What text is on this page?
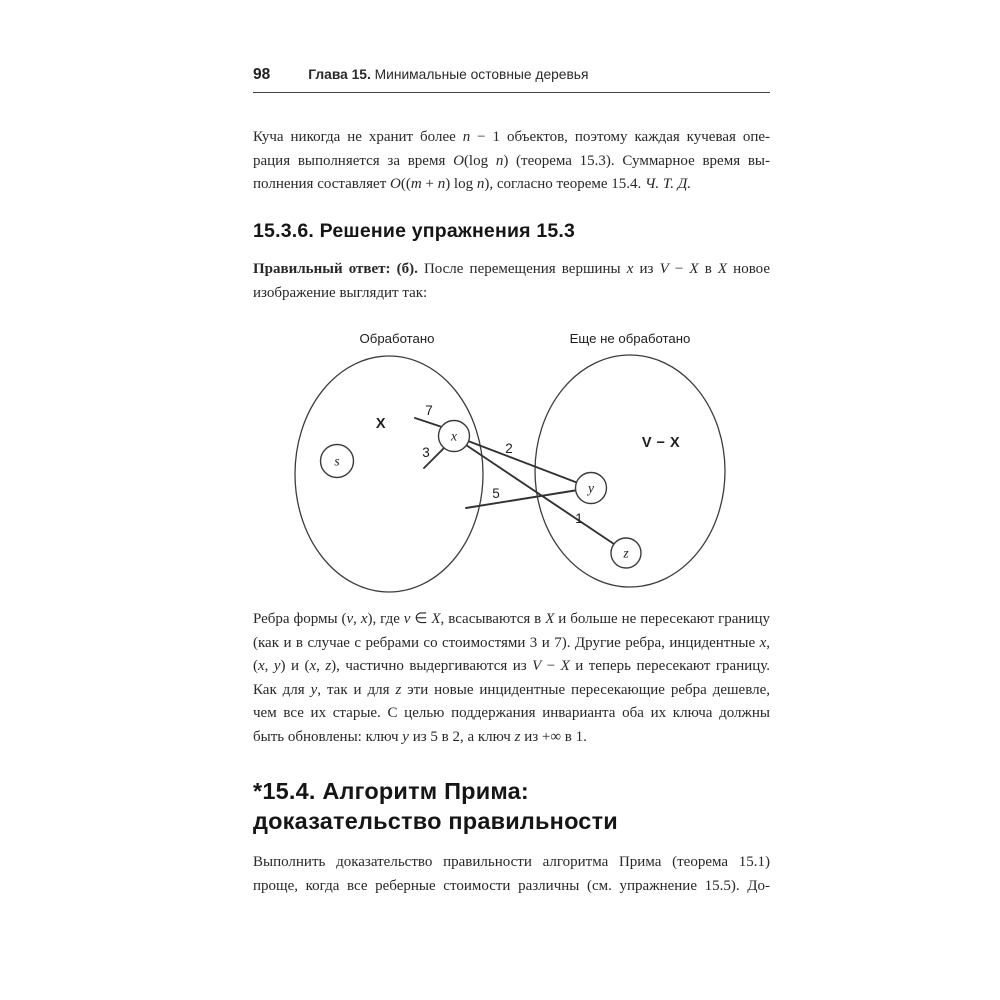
98	Глава 15. Минимальные остовные деревья
Куча никогда не хранит более n − 1 объектов, поэтому каждая кучевая опе-
рация выполняется за время O(log n) (теорема 15.3). Суммарное время вы-
полнения составляет O((m + n) log n), согласно теореме 15.4. Ч. Т. Д.
15.3.6. Решение упражнения 15.3
Правильный ответ: (б). После перемещения вершины x из V − X в X новое
изображение выглядит так:
Обработано	Еще не обработано
X
V − X
7
3	2
5
1
s
x
y
z
Ребра формы (v, x), где v ∈ X, всасываются в X и больше не пересекают границу
(как и в случае с ребрами со стоимостями 3 и 7). Другие ребра, инцидентные x,
(x, y) и (x, z), частично выдергиваются из V − X и теперь пересекают границу.
Как для y, так и для z эти новые инцидентные пересекающие ребра дешевле,
чем все их старые. С целью поддержания инварианта оба их ключа должны
быть обновлены: ключ y из 5 в 2, а ключ z из +∞ в 1.
*15.4. Алгоритм Прима:
доказательство правильности
Выполнить доказательство правильности алгоритма Прима (теорема 15.1)
проще, когда все реберные стоимости различны (см. упражнение 15.5). До-
